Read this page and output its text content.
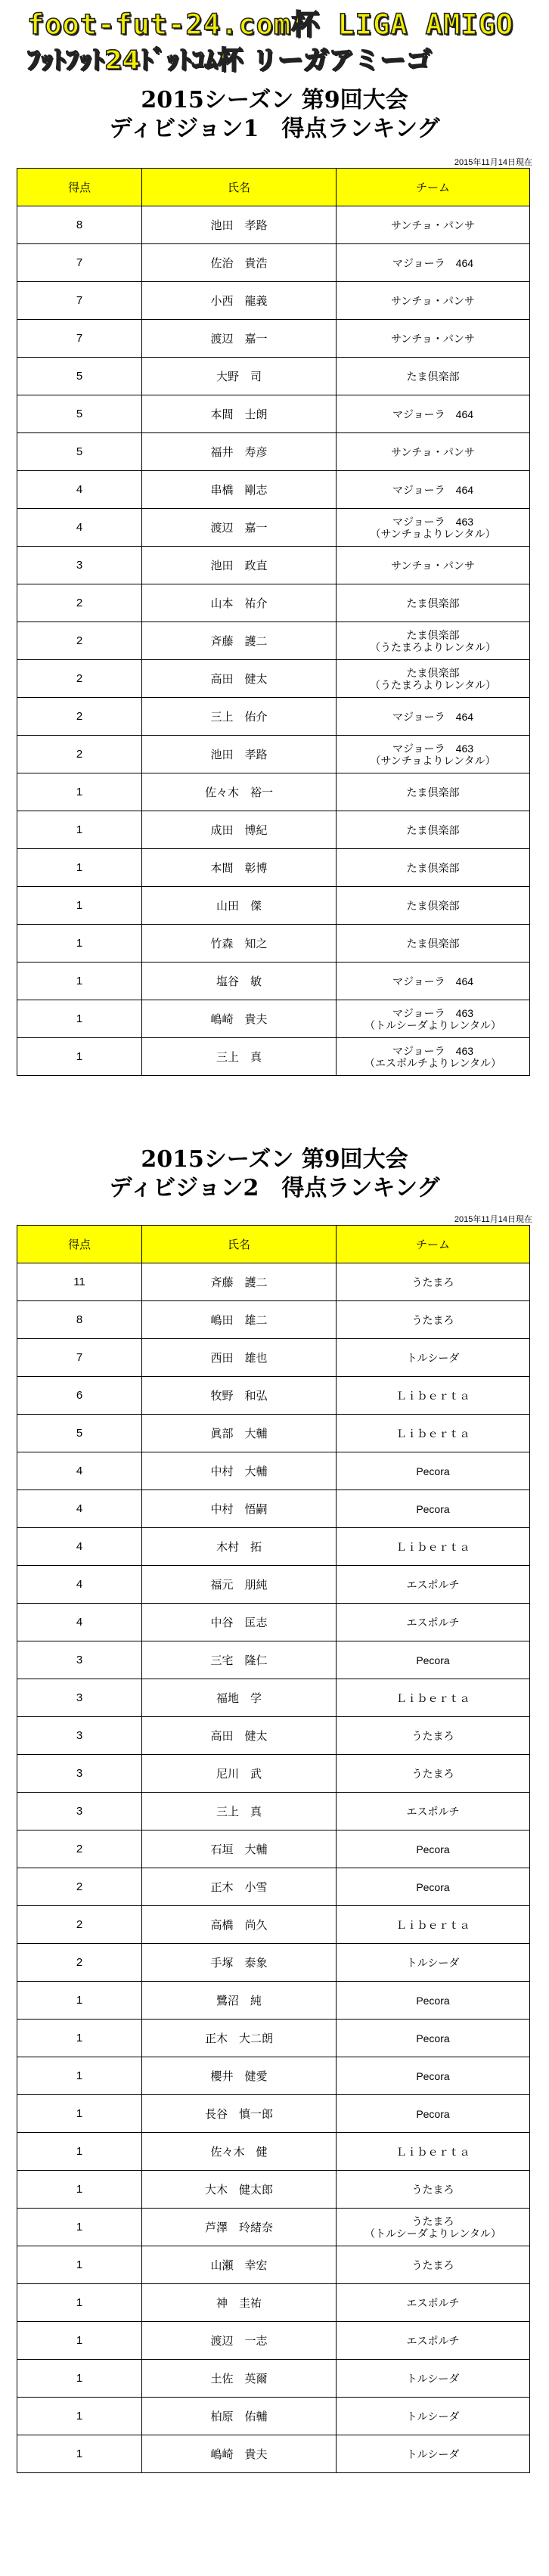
foot-fut-24.com杯 LIGA AMIGO
ﾌｯﾄﾌｯﾄ24ﾄﾞｯﾄｺﾑ杯 リーガアミーゴ
2015シーズン 第9回大会
ディビジョン1　得点ランキング
2015年11月14日現在
得点	氏名	チーム
8	池田　孝路	サンチョ・パンサ
7	佐治　貴浩	マジョーラ　464
7	小西　龍義	サンチョ・パンサ
7	渡辺　嘉一	サンチョ・パンサ
5	大野　司	たま倶楽部
5	本間　士朗	マジョーラ　464
5	福井　寿彦	サンチョ・パンサ
4	串橋　剛志	マジョーラ　464
4	渡辺　嘉一	マジョーラ　463
（サンチョよりレンタル）

3	池田　政直	サンチョ・パンサ
2	山本　祐介	たま倶楽部
2	斉藤　護二	たま倶楽部
（うたまろよりレンタル）

2	高田　健太	たま倶楽部
（うたまろよりレンタル）

2	三上　佑介	マジョーラ　464
2	池田　孝路	マジョーラ　463
（サンチョよりレンタル）

1	佐々木　裕一	たま倶楽部
1	成田　博紀	たま倶楽部
1	本間　彰博	たま倶楽部
1	山田　傑	たま倶楽部
1	竹森　知之	たま倶楽部
1	塩谷　敏	マジョーラ　464
1	嶋崎　貴夫	マジョーラ　463
（トルシーダよりレンタル）

1	三上　真	マジョーラ　463
（エスポルチよりレンタル）
2015シーズン 第9回大会
ディビジョン2　得点ランキング
2015年11月14日現在
得点	氏名	チーム
11	斉藤　護二	うたまろ
8	嶋田　雄二	うたまろ
7	西田　雄也	トルシーダ
6	牧野　和弘	Ｌｉｂｅｒｔａ
5	眞部　大輔	Ｌｉｂｅｒｔａ
4	中村　大輔	Pecora
4	中村　悟嗣	Pecora
4	木村　拓	Ｌｉｂｅｒｔａ
4	福元　朋純	エスポルチ
4	中谷　匡志	エスポルチ
3	三宅　隆仁	Pecora
3	福地　学	Ｌｉｂｅｒｔａ
3	高田　健太	うたまろ
3	尼川　武	うたまろ
3	三上　真	エスポルチ
2	石垣　大輔	Pecora
2	正木　小雪	Pecora
2	高橋　尚久	Ｌｉｂｅｒｔａ
2	手塚　泰象	トルシーダ
1	鷺沼　純	Pecora
1	正木　大二朗	Pecora
1	櫻井　健愛	Pecora
1	長谷　慎一郎	Pecora
1	佐々木　健	Ｌｉｂｅｒｔａ
1	大木　健太郎	うたまろ
1	芦澤　玲緒奈	うたまろ
（トルシーダよりレンタル）

1	山瀬　幸宏	うたまろ
1	神　圭祐	エスポルチ
1	渡辺　一志	エスポルチ
1	土佐　英爾	トルシーダ
1	柏原　佑輔	トルシーダ
1	嶋崎　貴夫	トルシーダ
